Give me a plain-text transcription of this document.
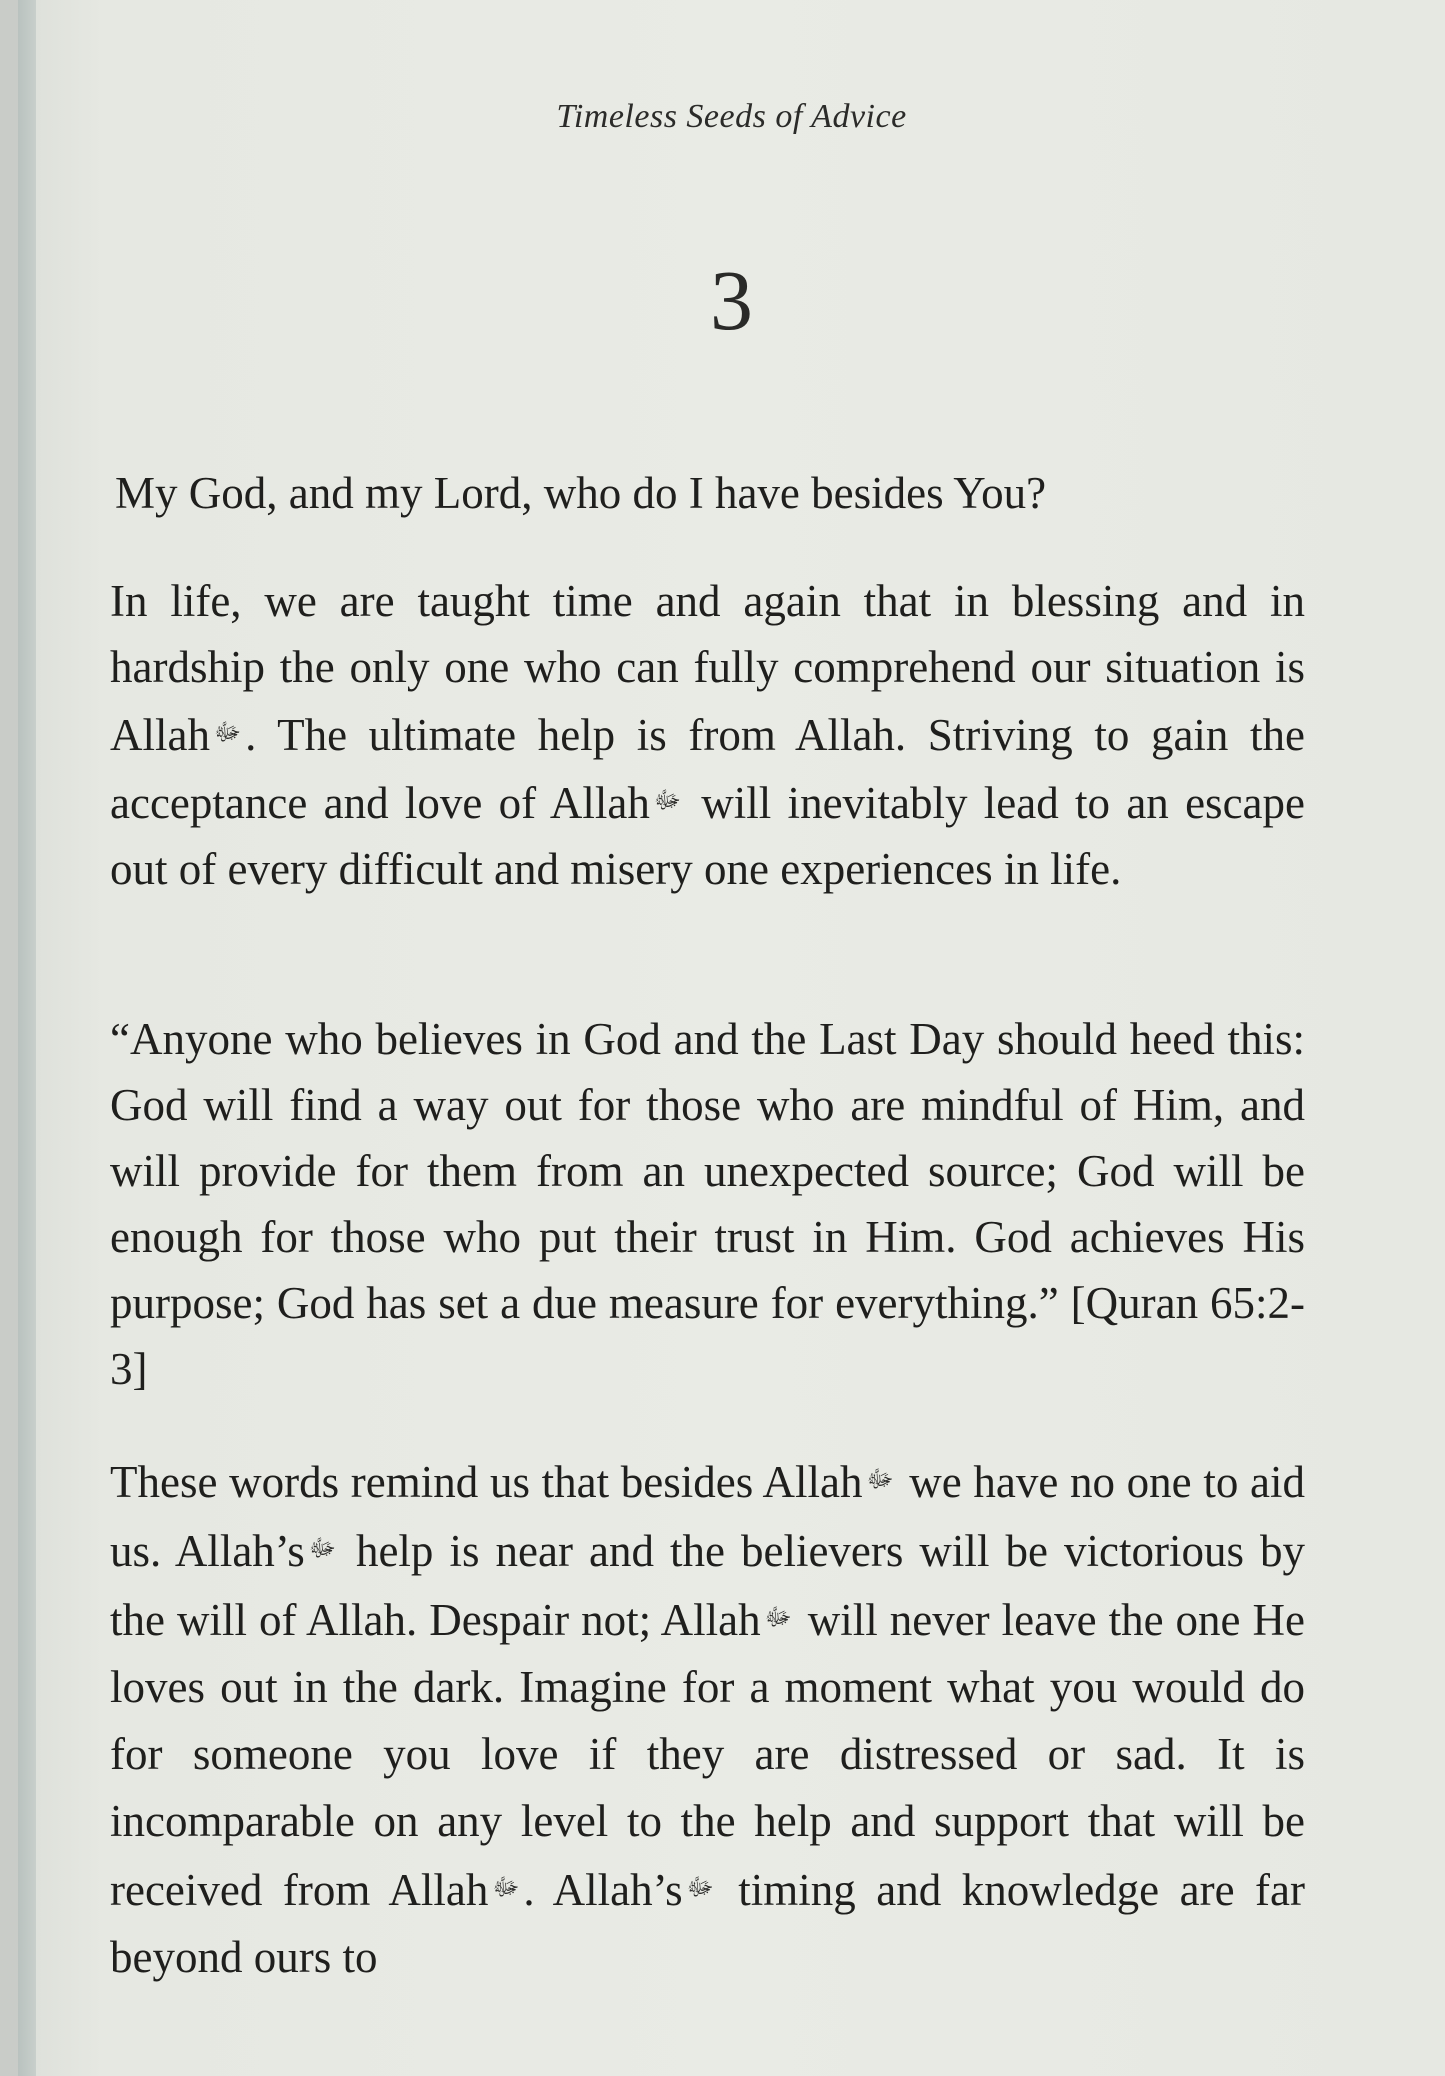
Timeless Seeds of Advice
3
My God, and my Lord, who do I have besides You?
In life, we are taught time and again that in blessing and in hardship the only one who can fully comprehend our situation is Allah ﷻ. The ultimate help is from Allah. Striving to gain the acceptance and love of Allah ﷻ will inevitably lead to an escape out of every difficult and misery one experiences in life.
“Anyone who believes in God and the Last Day should heed this: God will find a way out for those who are mindful of Him, and will provide for them from an unexpected source; God will be enough for those who put their trust in Him. God achieves His purpose; God has set a due measure for everything.” [Quran 65:2-3]
These words remind us that besides Allah ﷻ we have no one to aid us. Allah’s ﷻ help is near and the believers will be victorious by the will of Allah. Despair not; Allah ﷻ will never leave the one He loves out in the dark. Imagine for a moment what you would do for someone you love if they are distressed or sad. It is incomparable on any level to the help and support that will be received from Allah ﷻ. Allah’s ﷻ timing and knowledge are far beyond ours to
